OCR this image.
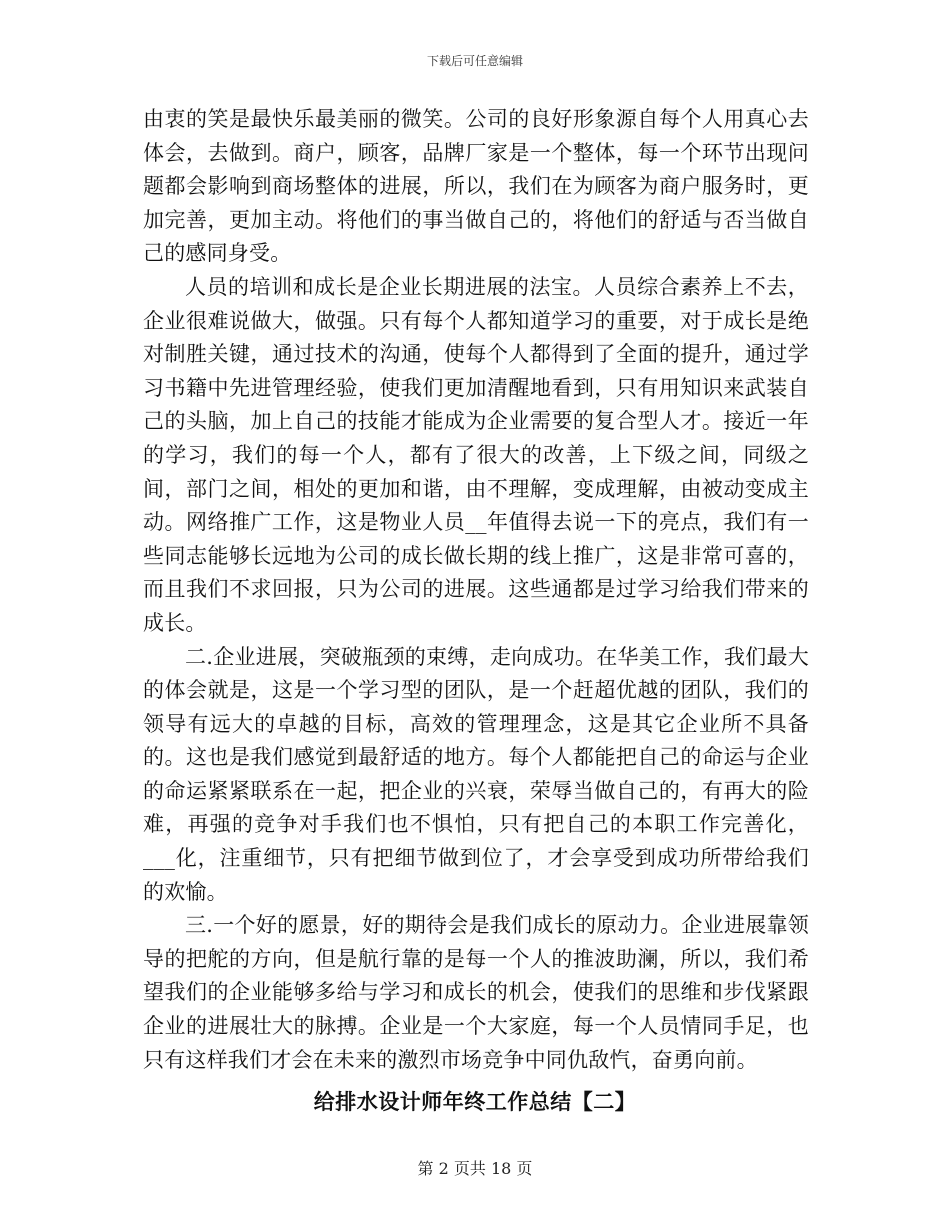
下载后可任意编辑

由衷的笑是最快乐最美丽的微笑。公司的良好形象源自每个人用真心去体会，去做到。商户，顾客，品牌厂家是一个整体，每一个环节出现问题都会影响到商场整体的进展，所以，我们在为顾客为商户服务时，更加完善，更加主动。将他们的事当做自己的，将他们的舒适与否当做自己的感同身受。

人员的培训和成长是企业长期进展的法宝。人员综合素养上不去，企业很难说做大，做强。只有每个人都知道学习的重要，对于成长是绝对制胜关键，通过技术的沟通，使每个人都得到了全面的提升，通过学习书籍中先进管理经验，使我们更加清醒地看到，只有用知识来武装自己的头脑，加上自己的技能才能成为企业需要的复合型人才。接近一年的学习，我们的每一个人，都有了很大的改善，上下级之间，同级之间，部门之间，相处的更加和谐，由不理解，变成理解，由被动变成主动。网络推广工作，这是物业人员__年值得去说一下的亮点，我们有一些同志能够长远地为公司的成长做长期的线上推广，这是非常可喜的，而且我们不求回报，只为公司的进展。这些通都是过学习给我们带来的成长。

二.企业进展，突破瓶颈的束缚，走向成功。在华美工作，我们最大的体会就是，这是一个学习型的团队，是一个赶超优越的团队，我们的领导有远大的卓越的目标，高效的管理理念，这是其它企业所不具备的。这也是我们感觉到最舒适的地方。每个人都能把自己的命运与企业的命运紧紧联系在一起，把企业的兴衰，荣辱当做自己的，有再大的险难，再强的竞争对手我们也不惧怕，只有把自己的本职工作完善化，___化，注重细节，只有把细节做到位了，才会享受到成功所带给我们的欢愉。

三.一个好的愿景，好的期待会是我们成长的原动力。企业进展靠领导的把舵的方向，但是航行靠的是每一个人的推波助澜，所以，我们希望我们的企业能够多给与学习和成长的机会，使我们的思维和步伐紧跟企业的进展壮大的脉搏。企业是一个大家庭，每一个人员情同手足，也只有这样我们才会在未来的激烈市场竞争中同仇敌忾，奋勇向前。

给排水设计师年终工作总结【二】
第 2 页共 18 页
